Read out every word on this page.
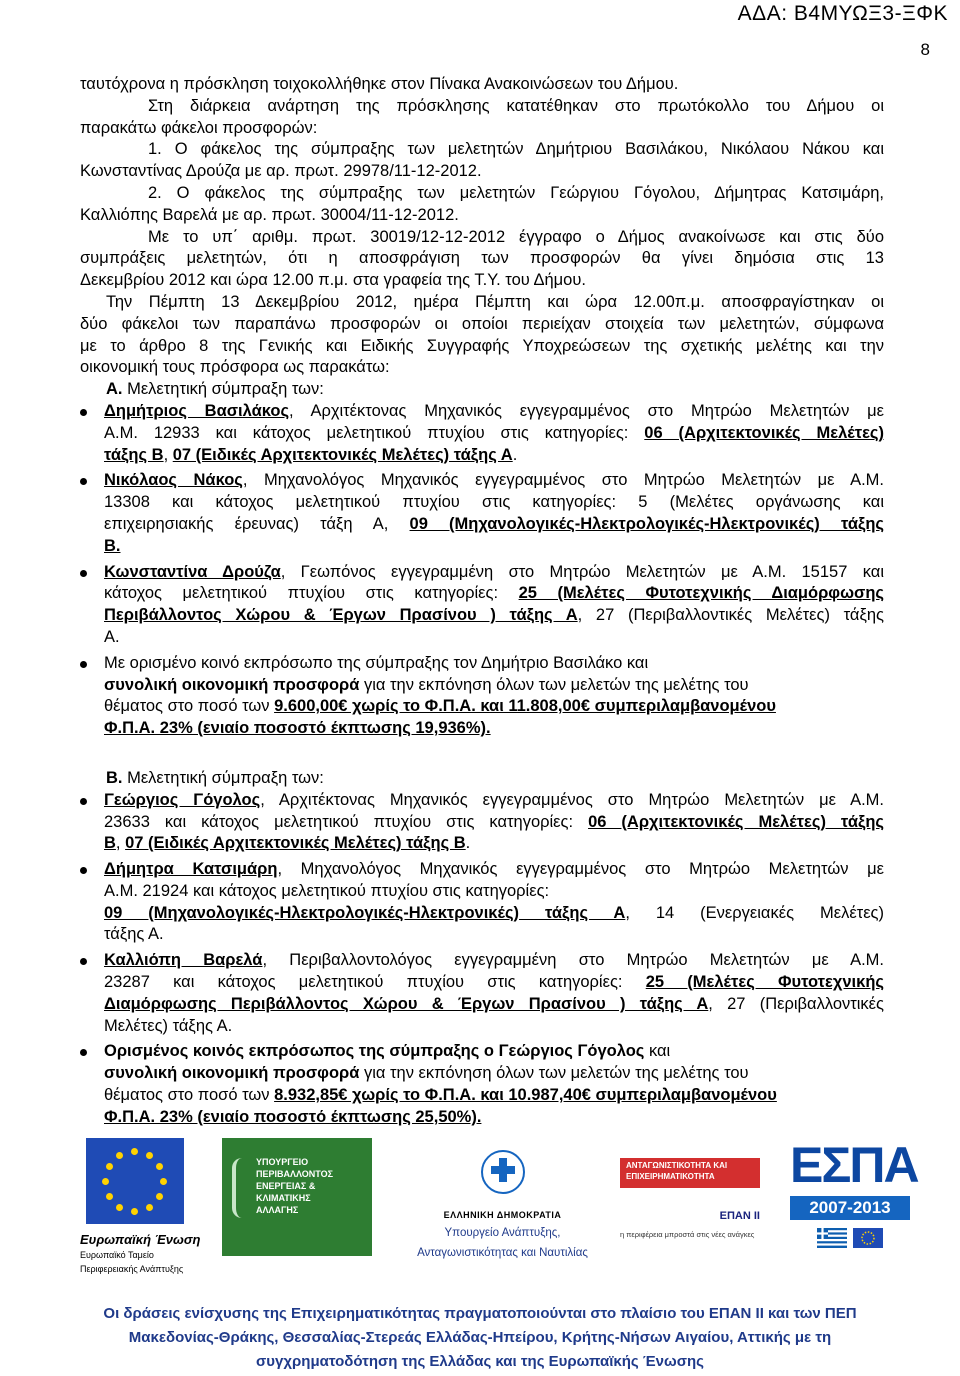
ΑΔΑ: Β4ΜΥΩΞ3-ΞΦΚ
8
ταυτόχρονα η πρόσκληση τοιχοκολλήθηκε στον Πίνακα Ανακοινώσεων του Δήμου.
Στη διάρκεια ανάρτηση της πρόσκλησης κατατέθηκαν στο πρωτόκολλο του Δήμου οι
παρακάτω φάκελοι προσφορών:
1. Ο φάκελος της σύμπραξης των μελετητών Δημήτριου Βασιλάκου, Νικόλαου Νάκου και
Κωνσταντίνας Δρούζα με αρ. πρωτ. 29978/11-12-2012.
2. Ο φάκελος της σύμπραξης των μελετητών Γεώργιου Γόγολου, Δήμητρας Κατσιμάρη,
Καλλιόπης Βαρελά με αρ. πρωτ. 30004/11-12-2012.
Με το υπ΄ αριθμ. πρωτ. 30019/12-12-2012 έγγραφο ο Δήμος ανακοίνωσε και στις δύο
συμπράξεις μελετητών, ότι η αποσφράγιση των προσφορών θα γίνει δημόσια στις 13
Δεκεμβρίου 2012 και ώρα 12.00 π.μ. στα γραφεία της Τ.Υ. του Δήμου.
Την Πέμπτη 13 Δεκεμβρίου 2012, ημέρα Πέμπτη και ώρα 12.00π.μ. αποσφραγίστηκαν οι
δύο φάκελοι των παραπάνω προσφορών οι οποίοι περιείχαν στοιχεία των μελετητών, σύμφωνα
με το άρθρο 8 της Γενικής και Ειδικής Συγγραφής Υποχρεώσεων της σχετικής μελέτης και την
οικονομική τους πρόσφορα ως παρακάτω:
Α. Μελετητική σύμπραξη των:
Δημήτριος Βασιλάκος, Αρχιτέκτονας Μηχανικός εγγεγραμμένος στο Μητρώο Μελετητών με
Α.Μ. 12933 και κάτοχος μελετητικού πτυχίου στις κατηγορίες: 06 (Αρχιτεκτονικές Μελέτες)
τάξης Β, 07 (Ειδικές Αρχιτεκτονικές Μελέτες) τάξης Α.
Νικόλαος Νάκος, Μηχανολόγος Μηχανικός εγγεγραμμένος στο Μητρώο Μελετητών με Α.Μ.
13308 και κάτοχος μελετητικού πτυχίου στις κατηγορίες: 5 (Μελέτες οργάνωσης και
επιχειρησιακής έρευνας) τάξη Α, 09 (Μηχανολογικές-Ηλεκτρολογικές-Ηλεκτρονικές) τάξης
Β.
Κωνσταντίνα Δρούζα, Γεωπόνος εγγεγραμμένη στο Μητρώο Μελετητών με Α.Μ. 15157 και
κάτοχος μελετητικού πτυχίου στις κατηγορίες: 25 (Μελέτες Φυτοτεχνικής Διαμόρφωσης
Περιβάλλοντος Χώρου & Έργων Πρασίνου ) τάξης Α, 27 (Περιβαλλοντικές Μελέτες) τάξης
Α.
Με ορισμένο κοινό εκπρόσωπο της σύμπραξης τον Δημήτριο Βασιλάκο και
συνολική οικονομική προσφορά για την εκπόνηση όλων των μελετών της μελέτης του
θέματος στο ποσό των 9.600,00€ χωρίς το Φ.Π.Α. και 11.808,00€ συμπεριλαμβανομένου
Φ.Π.Α. 23% (ενιαίο ποσοστό έκπτωσης 19,936%).
Β. Μελετητική σύμπραξη των:
Γεώργιος Γόγολος, Αρχιτέκτονας Μηχανικός εγγεγραμμένος στο Μητρώο Μελετητών με Α.Μ.
23633 και κάτοχος μελετητικού πτυχίου στις κατηγορίες: 06 (Αρχιτεκτονικές Μελέτες) τάξης
Β, 07 (Ειδικές Αρχιτεκτονικές Μελέτες) τάξης Β.
Δήμητρα Κατσιμάρη, Μηχανολόγος Μηχανικός εγγεγραμμένος στο Μητρώο Μελετητών με
Α.Μ. 21924 και κάτοχος μελετητικού πτυχίου στις κατηγορίες:
09 (Μηχανολογικές-Ηλεκτρολογικές-Ηλεκτρονικές) τάξης Α, 14 (Ενεργειακές Μελέτες)
τάξης Α.
Καλλιόπη Βαρελά, Περιβαλλοντολόγος εγγεγραμμένη στο Μητρώο Μελετητών με Α.Μ.
23287 και κάτοχος μελετητικού πτυχίου στις κατηγορίες: 25 (Μελέτες Φυτοτεχνικής
Διαμόρφωσης Περιβάλλοντος Χώρου & Έργων Πρασίνου ) τάξης Α, 27 (Περιβαλλοντικές
Μελέτες) τάξης Α.
Ορισμένος κοινός εκπρόσωπος της σύμπραξης ο Γεώργιος Γόγολος και
συνολική οικονομική προσφορά για την εκπόνηση όλων των μελετών της μελέτης του
θέματος στο ποσό των 8.932,85€ χωρίς το Φ.Π.Α. και 10.987,40€ συμπεριλαμβανομένου
Φ.Π.Α. 23% (ενιαίο ποσοστό έκπτωσης 25,50%).
Ευρωπαϊκή Ένωση
Ευρωπαϊκό Ταμείο
Περιφερειακής Ανάπτυξης
ΥΠΟΥΡΓΕΙΟ
ΠΕΡΙΒΑΛΛΟΝΤΟΣ
ΕΝΕΡΓΕΙΑΣ &
ΚΛΙΜΑΤΙΚΗΣ
ΑΛΛΑΓΗΣ	ΕΛΛΗΝΙΚΗ ΔΗΜΟΚΡΑΤΙΑ
Υπουργείο Ανάπτυξης,
Ανταγωνιστικότητας και Ναυτιλίας
ΑΝΤΑΓΩΝΙΣΤΙΚΟΤΗΤΑ ΚΑΙ
ΕΠΙΧΕΙΡΗΜΑΤΙΚΟΤΗΤΑ
ΕΠΑΝ II
η περιφέρεια μπροστά στις νέες ανάγκες
ΕΣΠΑ
2007-2013
Οι δράσεις ενίσχυσης της Επιχειρηματικότητας πραγματοποιούνται στο πλαίσιο του ΕΠΑΝ ΙΙ και των ΠΕΠ
Μακεδονίας-Θράκης, Θεσσαλίας-Στερεάς Ελλάδας-Ηπείρου, Κρήτης-Νήσων Αιγαίου, Αττικής με τη
συγχρηματοδότηση της Ελλάδας και της Ευρωπαϊκής Ένωσης
